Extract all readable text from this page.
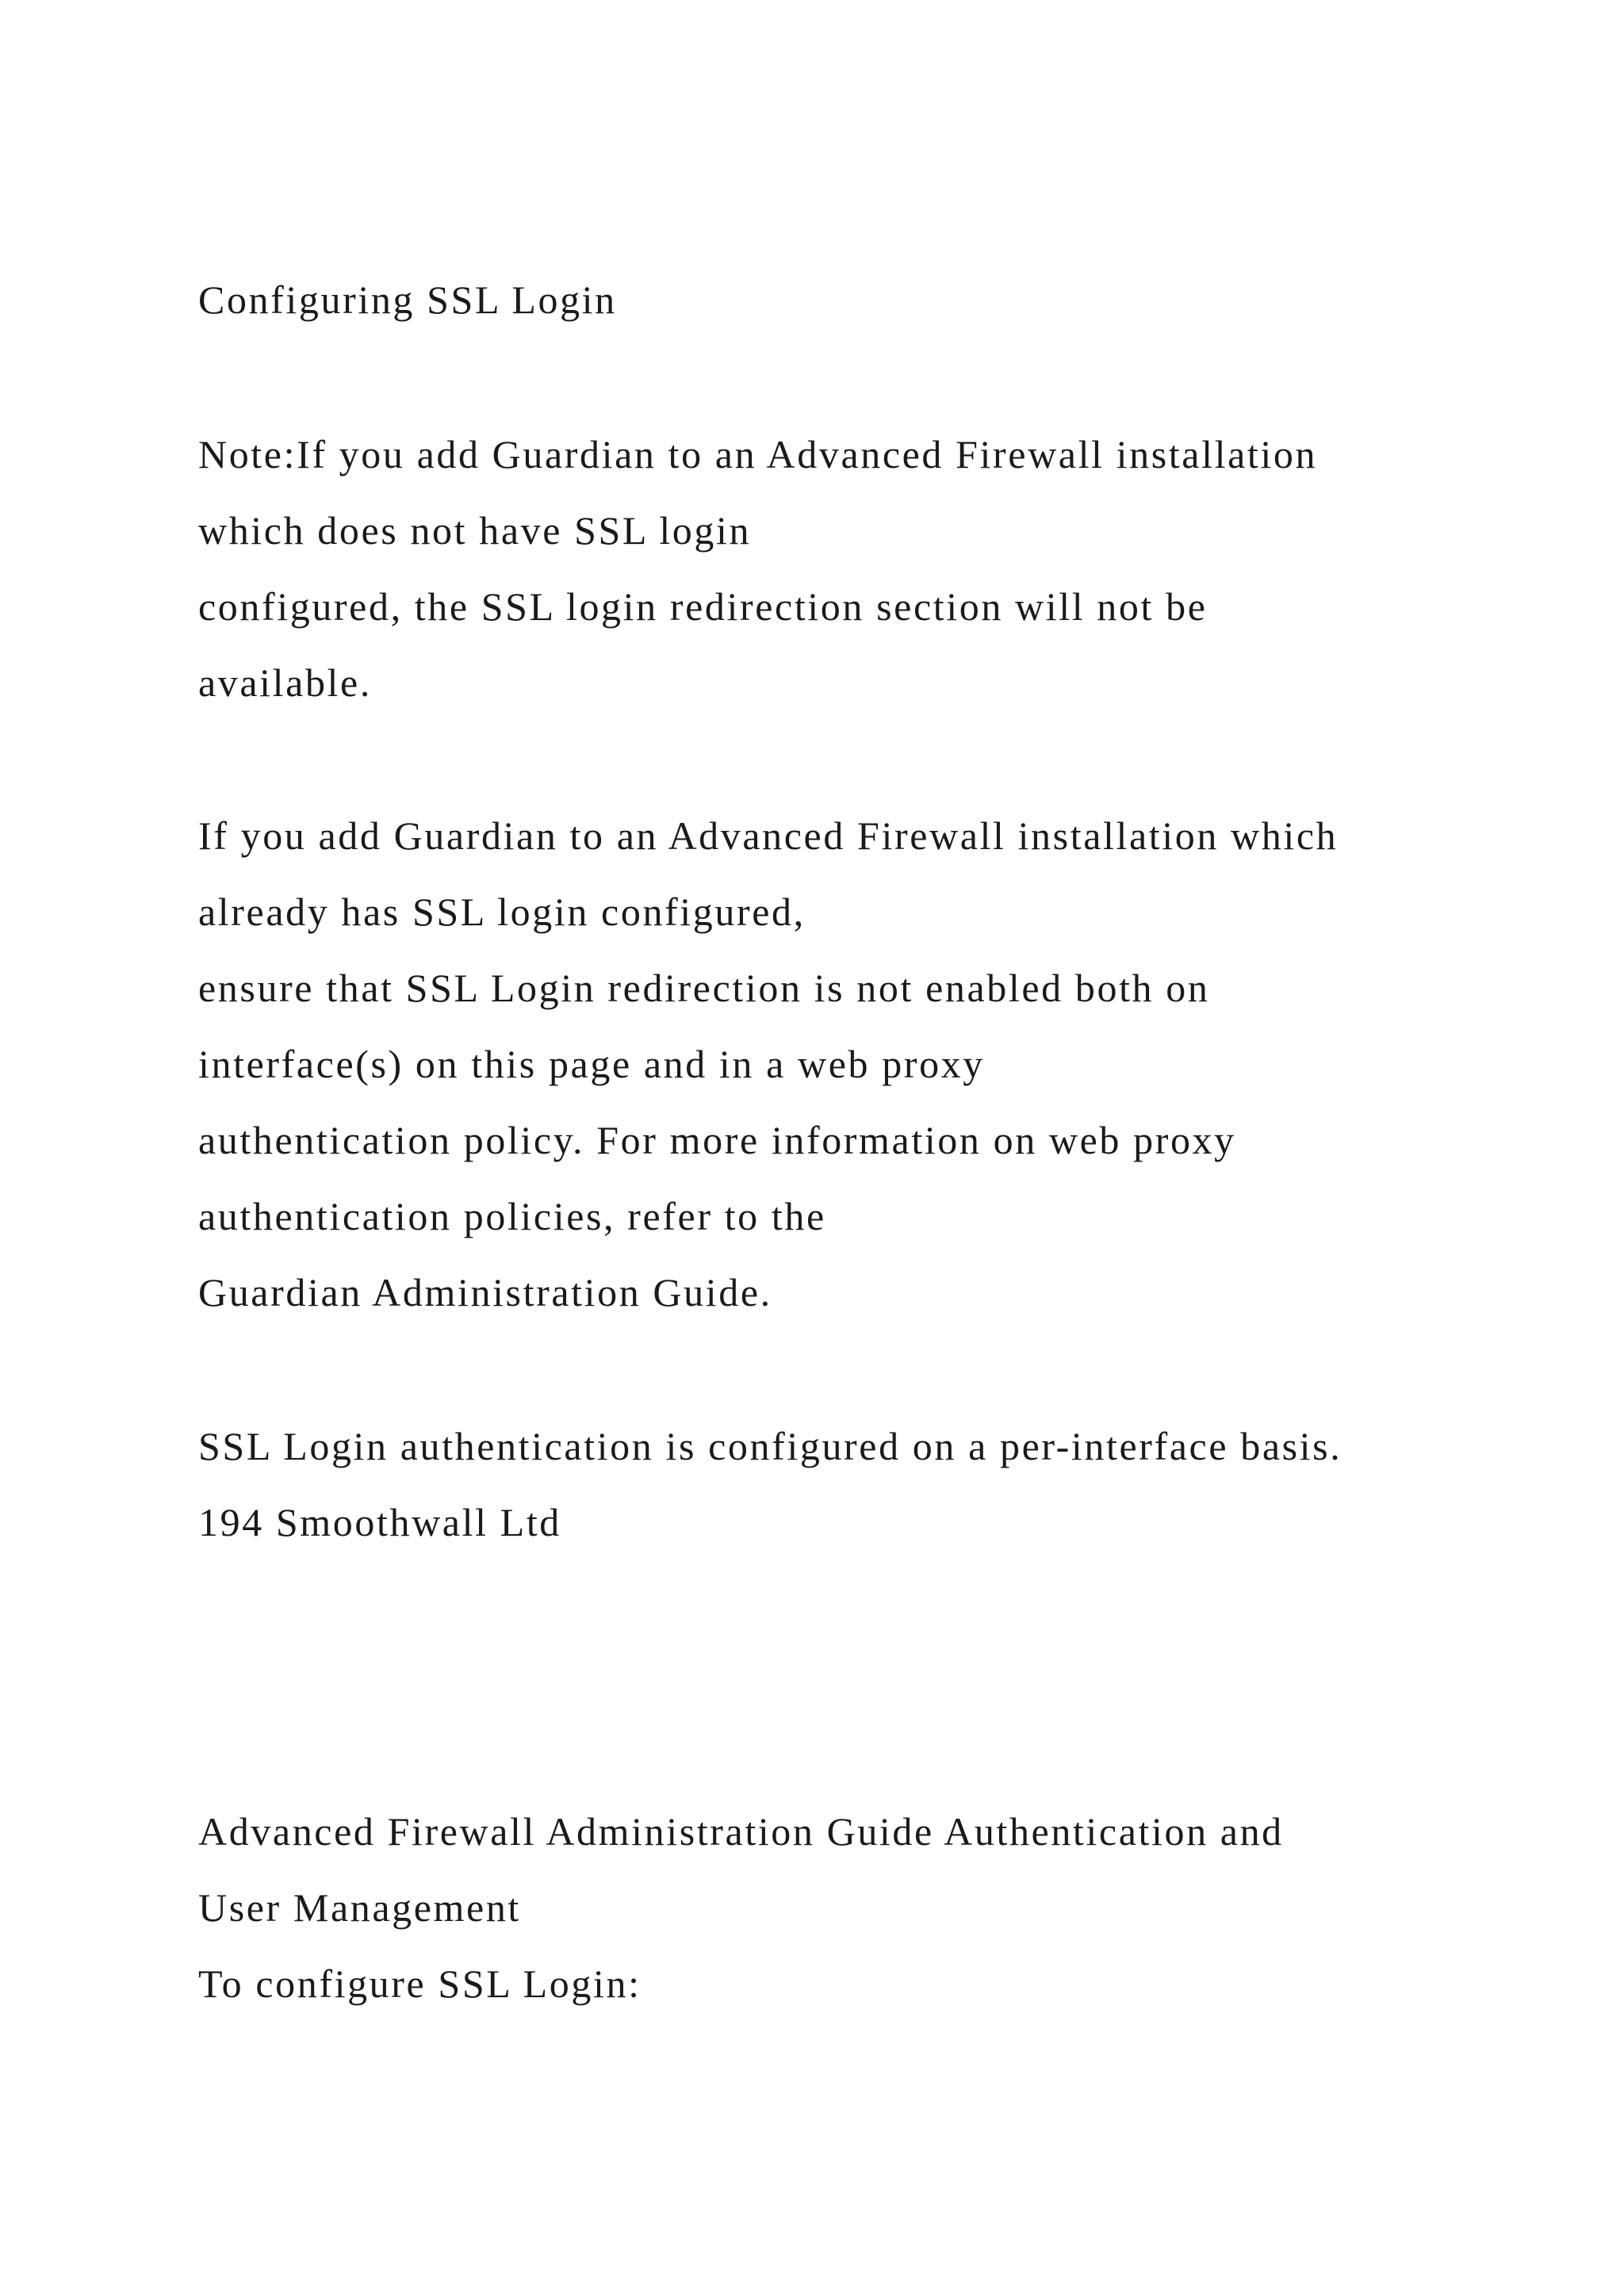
Configuring SSL Login
Note:If you add Guardian to an Advanced Firewall installation
which does not have SSL login
configured, the SSL login redirection section will not be
available.
If you add Guardian to an Advanced Firewall installation which
already has SSL login configured,
ensure that SSL Login redirection is not enabled both on
interface(s) on this page and in a web proxy
authentication policy. For more information on web proxy
authentication policies, refer to the
Guardian Administration Guide.
SSL Login authentication is configured on a per-interface basis.
194 Smoothwall Ltd
Advanced Firewall Administration Guide Authentication and
User Management
To configure SSL Login:
